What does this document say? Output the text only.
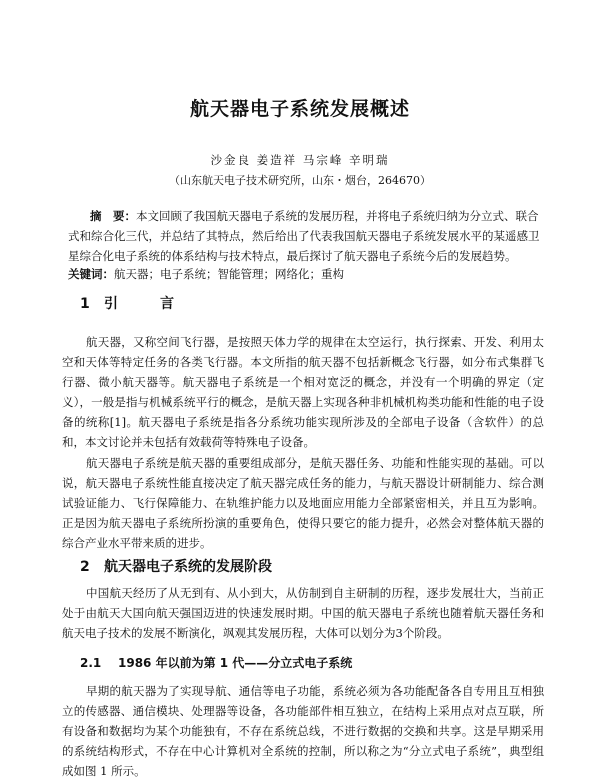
航天器电子系统发展概述
沙金良 姜造祥 马宗峰 辛明瑞
（山东航天电子技术研究所，山东・烟台，264670）

摘　要：本文回顾了我国航天器电子系统的发展历程，并将电子系统归纳为分立式、联合式和综合化三代，并总结了其特点，然后给出了代表我国航天器电子系统发展水平的某遥感卫星综合化电子系统的体系结构与技术特点，最后探讨了航天器电子系统今后的发展趋势。

关键词：航天器；电子系统；智能管理；网络化；重构

1引　言

航天器，又称空间飞行器，是按照天体力学的规律在太空运行，执行探索、开发、利用太空和天体等特定任务的各类飞行器。本文所指的航天器不包括新概念飞行器，如分布式集群飞行器、微小航天器等。航天器电子系统是一个相对宽泛的概念，并没有一个明确的界定（定义），一般是指与机械系统平行的概念，是航天器上实现各种非机械机构类功能和性能的电子设备的统称[1]。航天器电子系统是指各分系统功能实现所涉及的全部电子设备（含软件）的总和，本文讨论并未包括有效载荷等特殊电子设备。

航天器电子系统是航天器的重要组成部分，是航天器任务、功能和性能实现的基础。可以说，航天器电子系统性能直接决定了航天器完成任务的能力，与航天器设计研制能力、综合测试验证能力、飞行保障能力、在轨维护能力以及地面应用能力全部紧密相关，并且互为影响。正是因为航天器电子系统所扮演的重要角色，使得只要它的能力提升，必然会对整体航天器的综合产业水平带来质的进步。

2 航天器电子系统的发展阶段

中国航天经历了从无到有、从小到大，从仿制到自主研制的历程，逐步发展壮大，当前正处于由航天大国向航天强国迈进的快速发展时期。中国的航天器电子系统也随着航天器任务和航天电子技术的发展不断演化，飒观其发展历程，大体可以划分为3个阶段。

2.1 1986 年以前为第 1 代——分立式电子系统

早期的航天器为了实现导航、通信等电子功能，系统必须为各功能配备各自专用且互相独立的传感器、通信模块、处理器等设备，各功能部件相互独立，在结构上采用点对点互联，所有设备和数据均为某个功能独有，不存在系统总线，不进行数据的交换和共享。这是早期采用的系统结构形式，不存在中心计算机对全系统的控制，所以称之为“分立式电子系统”，典型组成如图 1 所示。
